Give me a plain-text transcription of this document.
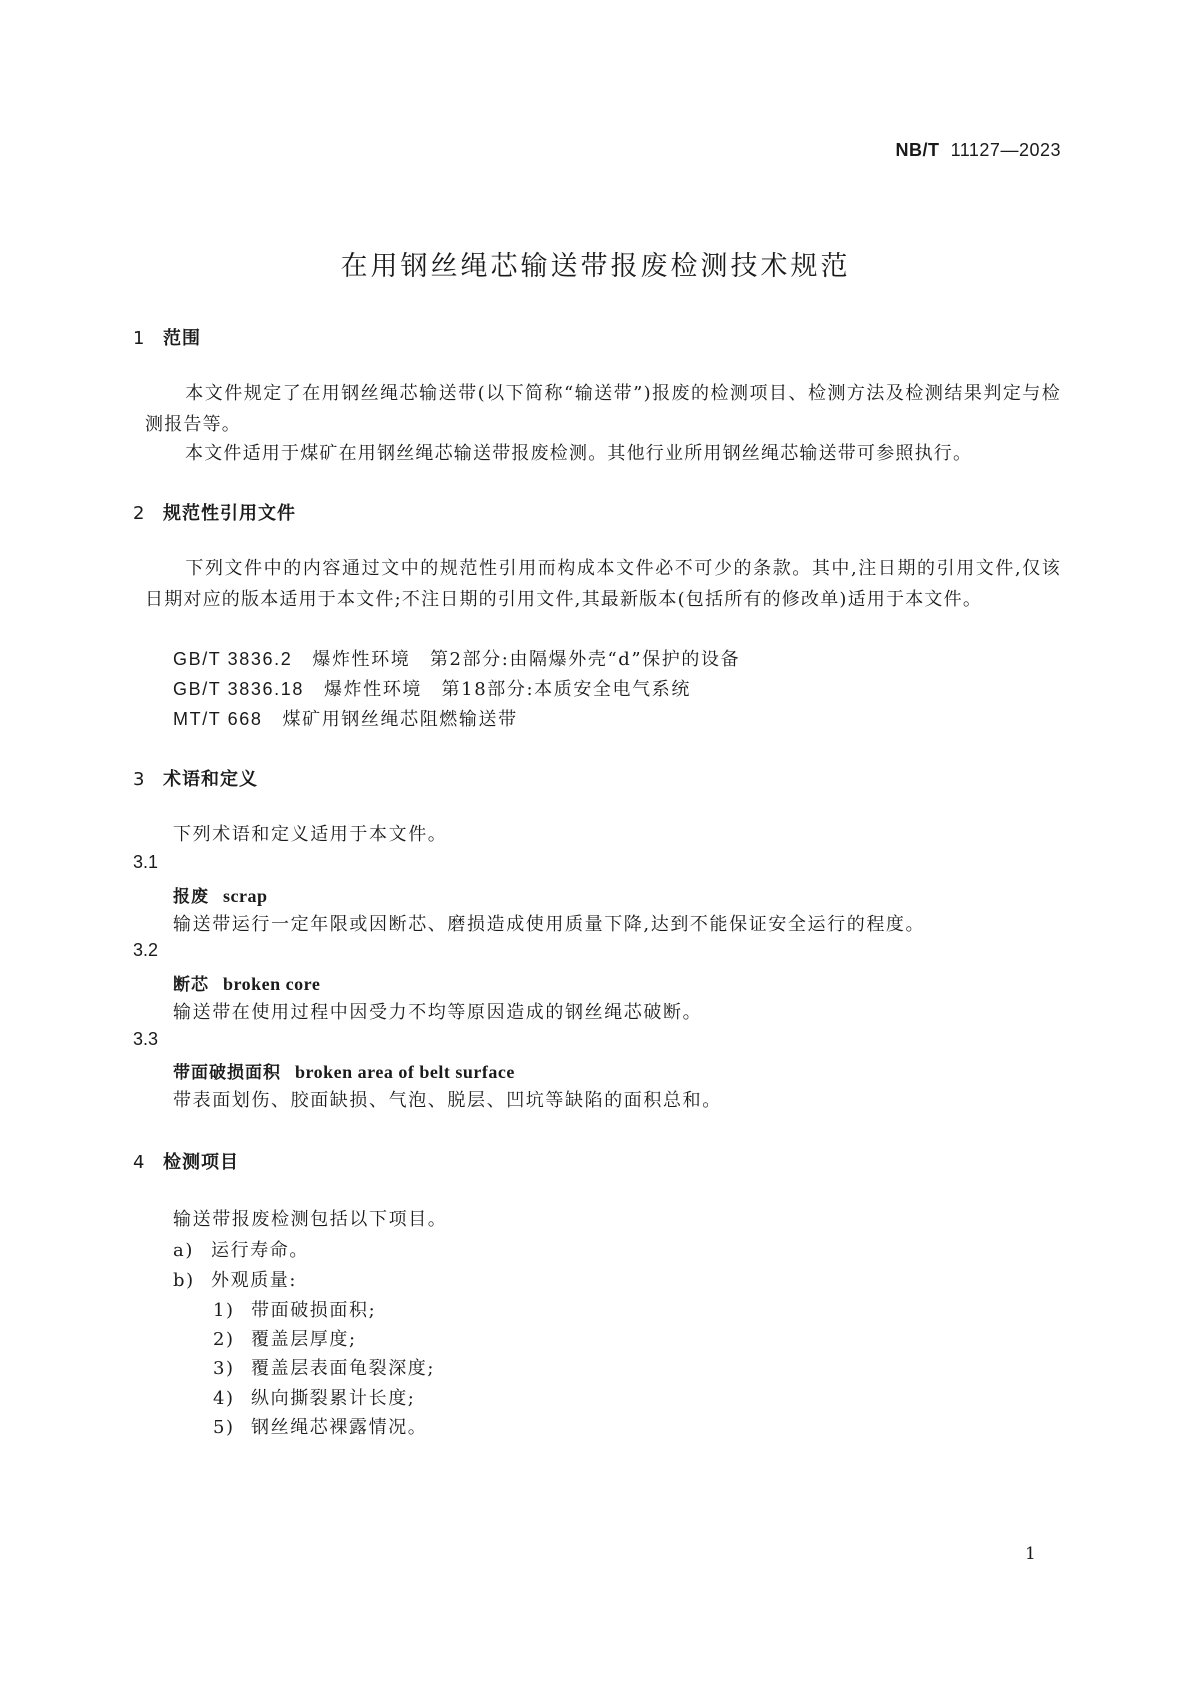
NB/T 11127—2023
在用钢丝绳芯输送带报废检测技术规范
1 范围
本文件规定了在用钢丝绳芯输送带(以下简称“输送带”)报废的检测项目、检测方法及检测结果判定与检测报告等。
本文件适用于煤矿在用钢丝绳芯输送带报废检测。其他行业所用钢丝绳芯输送带可参照执行。
2 规范性引用文件
下列文件中的内容通过文中的规范性引用而构成本文件必不可少的条款。其中,注日期的引用文件,仅该日期对应的版本适用于本文件;不注日期的引用文件,其最新版本(包括所有的修改单)适用于本文件。
GB/T 3836.2 爆炸性环境　第2部分:由隔爆外壳“d”保护的设备
GB/T 3836.18 爆炸性环境　第18部分:本质安全电气系统
MT/T 668 煤矿用钢丝绳芯阻燃输送带
3 术语和定义
下列术语和定义适用于本文件。
3.1
报废 scrap
输送带运行一定年限或因断芯、磨损造成使用质量下降,达到不能保证安全运行的程度。
3.2
断芯 broken core
输送带在使用过程中因受力不均等原因造成的钢丝绳芯破断。
3.3
带面破损面积 broken area of belt surface
带表面划伤、胶面缺损、气泡、脱层、凹坑等缺陷的面积总和。
4 检测项目
输送带报废检测包括以下项目。
a) 运行寿命。
b) 外观质量:
1) 带面破损面积;
2) 覆盖层厚度;
3) 覆盖层表面龟裂深度;
4) 纵向撕裂累计长度;
5) 钢丝绳芯裸露情况。
1
